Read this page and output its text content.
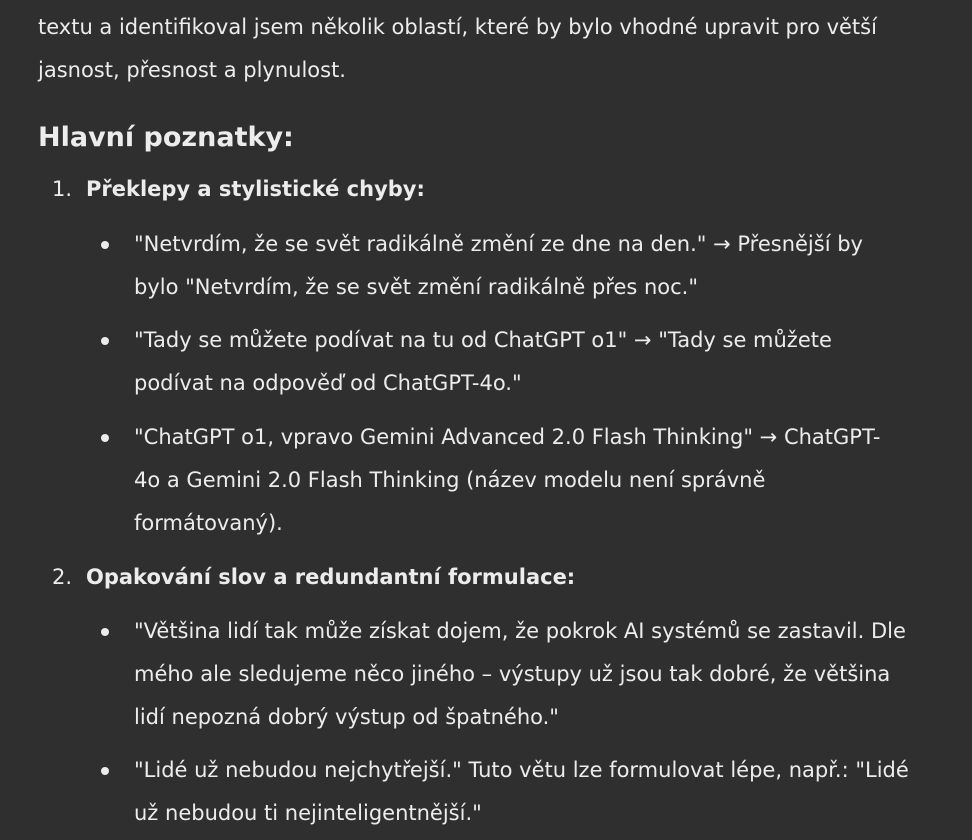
textu a identifikoval jsem několik oblastí, které by bylo vhodné upravit pro větší jasnost, přesnost a plynulost.

Hlavní poznatky:
1. Překlepy a stylistické chyby:

"Netvrdím, že se svět radikálně změní ze dne na den." → Přesnější by bylo "Netvrdím, že se svět změní radikálně přes noc."

"Tady se můžete podívat na tu od ChatGPT o1" → "Tady se můžete podívat na odpověď od ChatGPT-4o."

"ChatGPT o1, vpravo Gemini Advanced 2.0 Flash Thinking" → ChatGPT-4o a Gemini 2.0 Flash Thinking (název modelu není správně formátovaný).

2. Opakování slov a redundantní formulace:

"Většina lidí tak může získat dojem, že pokrok AI systémů se zastavil. Dle mého ale sledujeme něco jiného – výstupy už jsou tak dobré, že většina lidí nepozná dobrý výstup od špatného."

"Lidé už nebudou nejchytřejší." Tuto větu lze formulovat lépe, např.: "Lidé už nebudou ti nejinteligentnější."
